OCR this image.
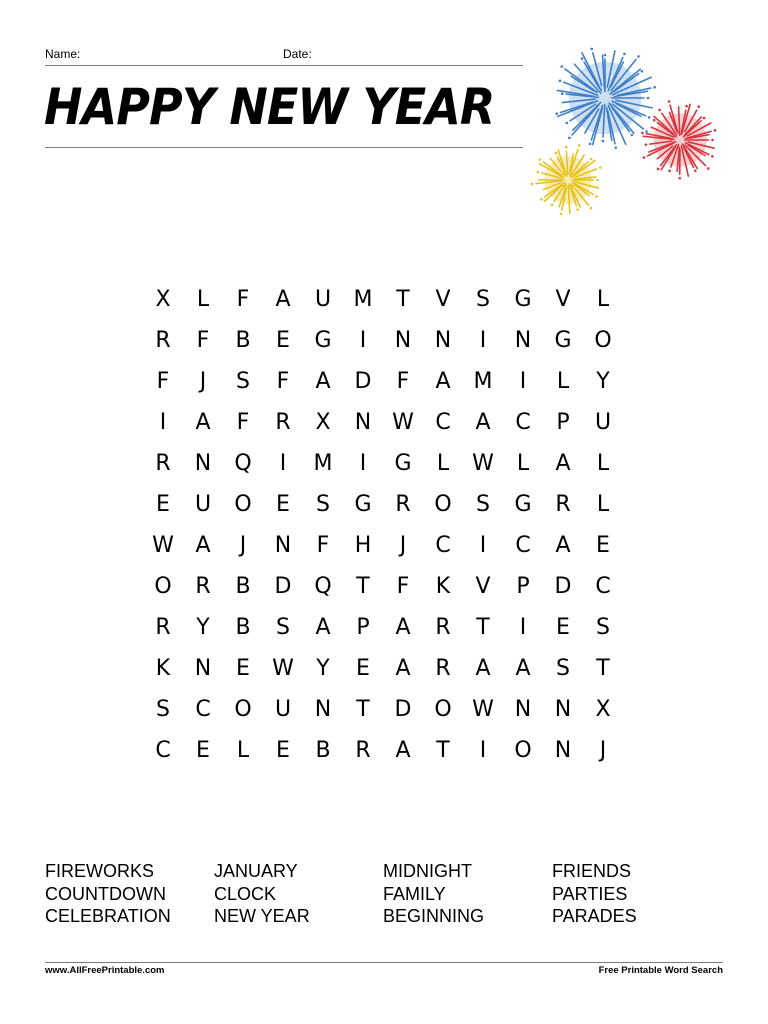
Name:	Date:
HAPPY NEW YEAR
X	L	F	A	U	M	T	V	S	G	V	L
R	F	B	E	G	I	N	N	I	N	G	O
F	J	S	F	A	D	F	A	M	I	L	Y
I	A	F	R	X	N W C	A	C	P	U
R	N	Q	I	M	I	G	L	W	L	A	L
E	U	O	E	S	G	R	O	S	G	R	L
W A	J	N	F	H	J	C	I	C	A	E
O	R	B	D	Q	T	F	K	V	P	D	C
R	Y	B	S	A	P	A	R	T	I	E	S
K	N	E	W	Y	E	A	R	A	A	S	T
S	C	O	U	N	T	D	O W N	N	X
C	E	L	E	B	R	A	T	I	O	N	J
FIREWORKS
COUNTDOWN
CELEBRATION
JANUARY
CLOCK
NEW YEAR
MIDNIGHT
FAMILY
BEGINNING
FRIENDS
PARTIES
PARADES
www.AllFreePrintable.com	Free Printable Word Search
